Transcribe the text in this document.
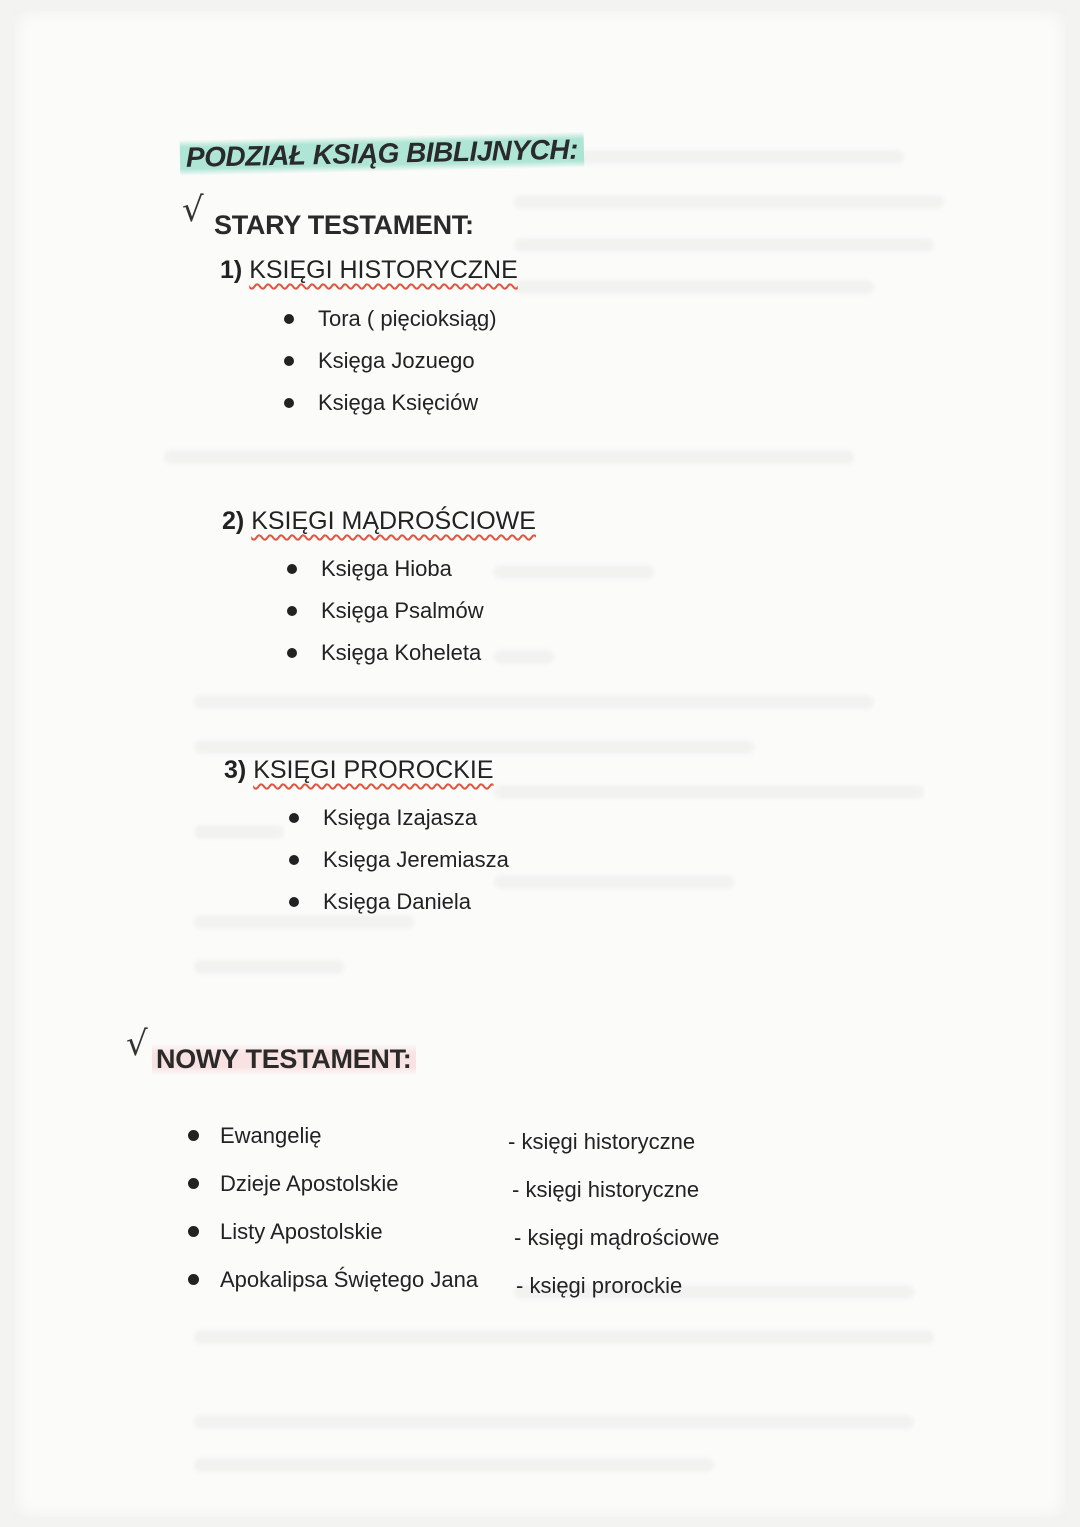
PODZIAŁ KSIĄG BIBLIJNYCH:
√ STARY TESTAMENT:
1) KSIĘGI HISTORYCZNE
Tora ( pięcioksiąg)
Księga Jozuego
Księga Księciów
2) KSIĘGI MĄDROŚCIOWE
Księga Hioba
Księga Psalmów
Księga Koheleta
3) KSIĘGI PROROCKIE
Księga Izajasza
Księga Jeremiasza
Księga Daniela
√ NOWY TESTAMENT:
Ewangelię	- księgi historyczne
Dzieje Apostolskie	- księgi historyczne
Listy Apostolskie	- księgi mądrościowe
Apokalipsa Świętego Jana - księgi prorockie
